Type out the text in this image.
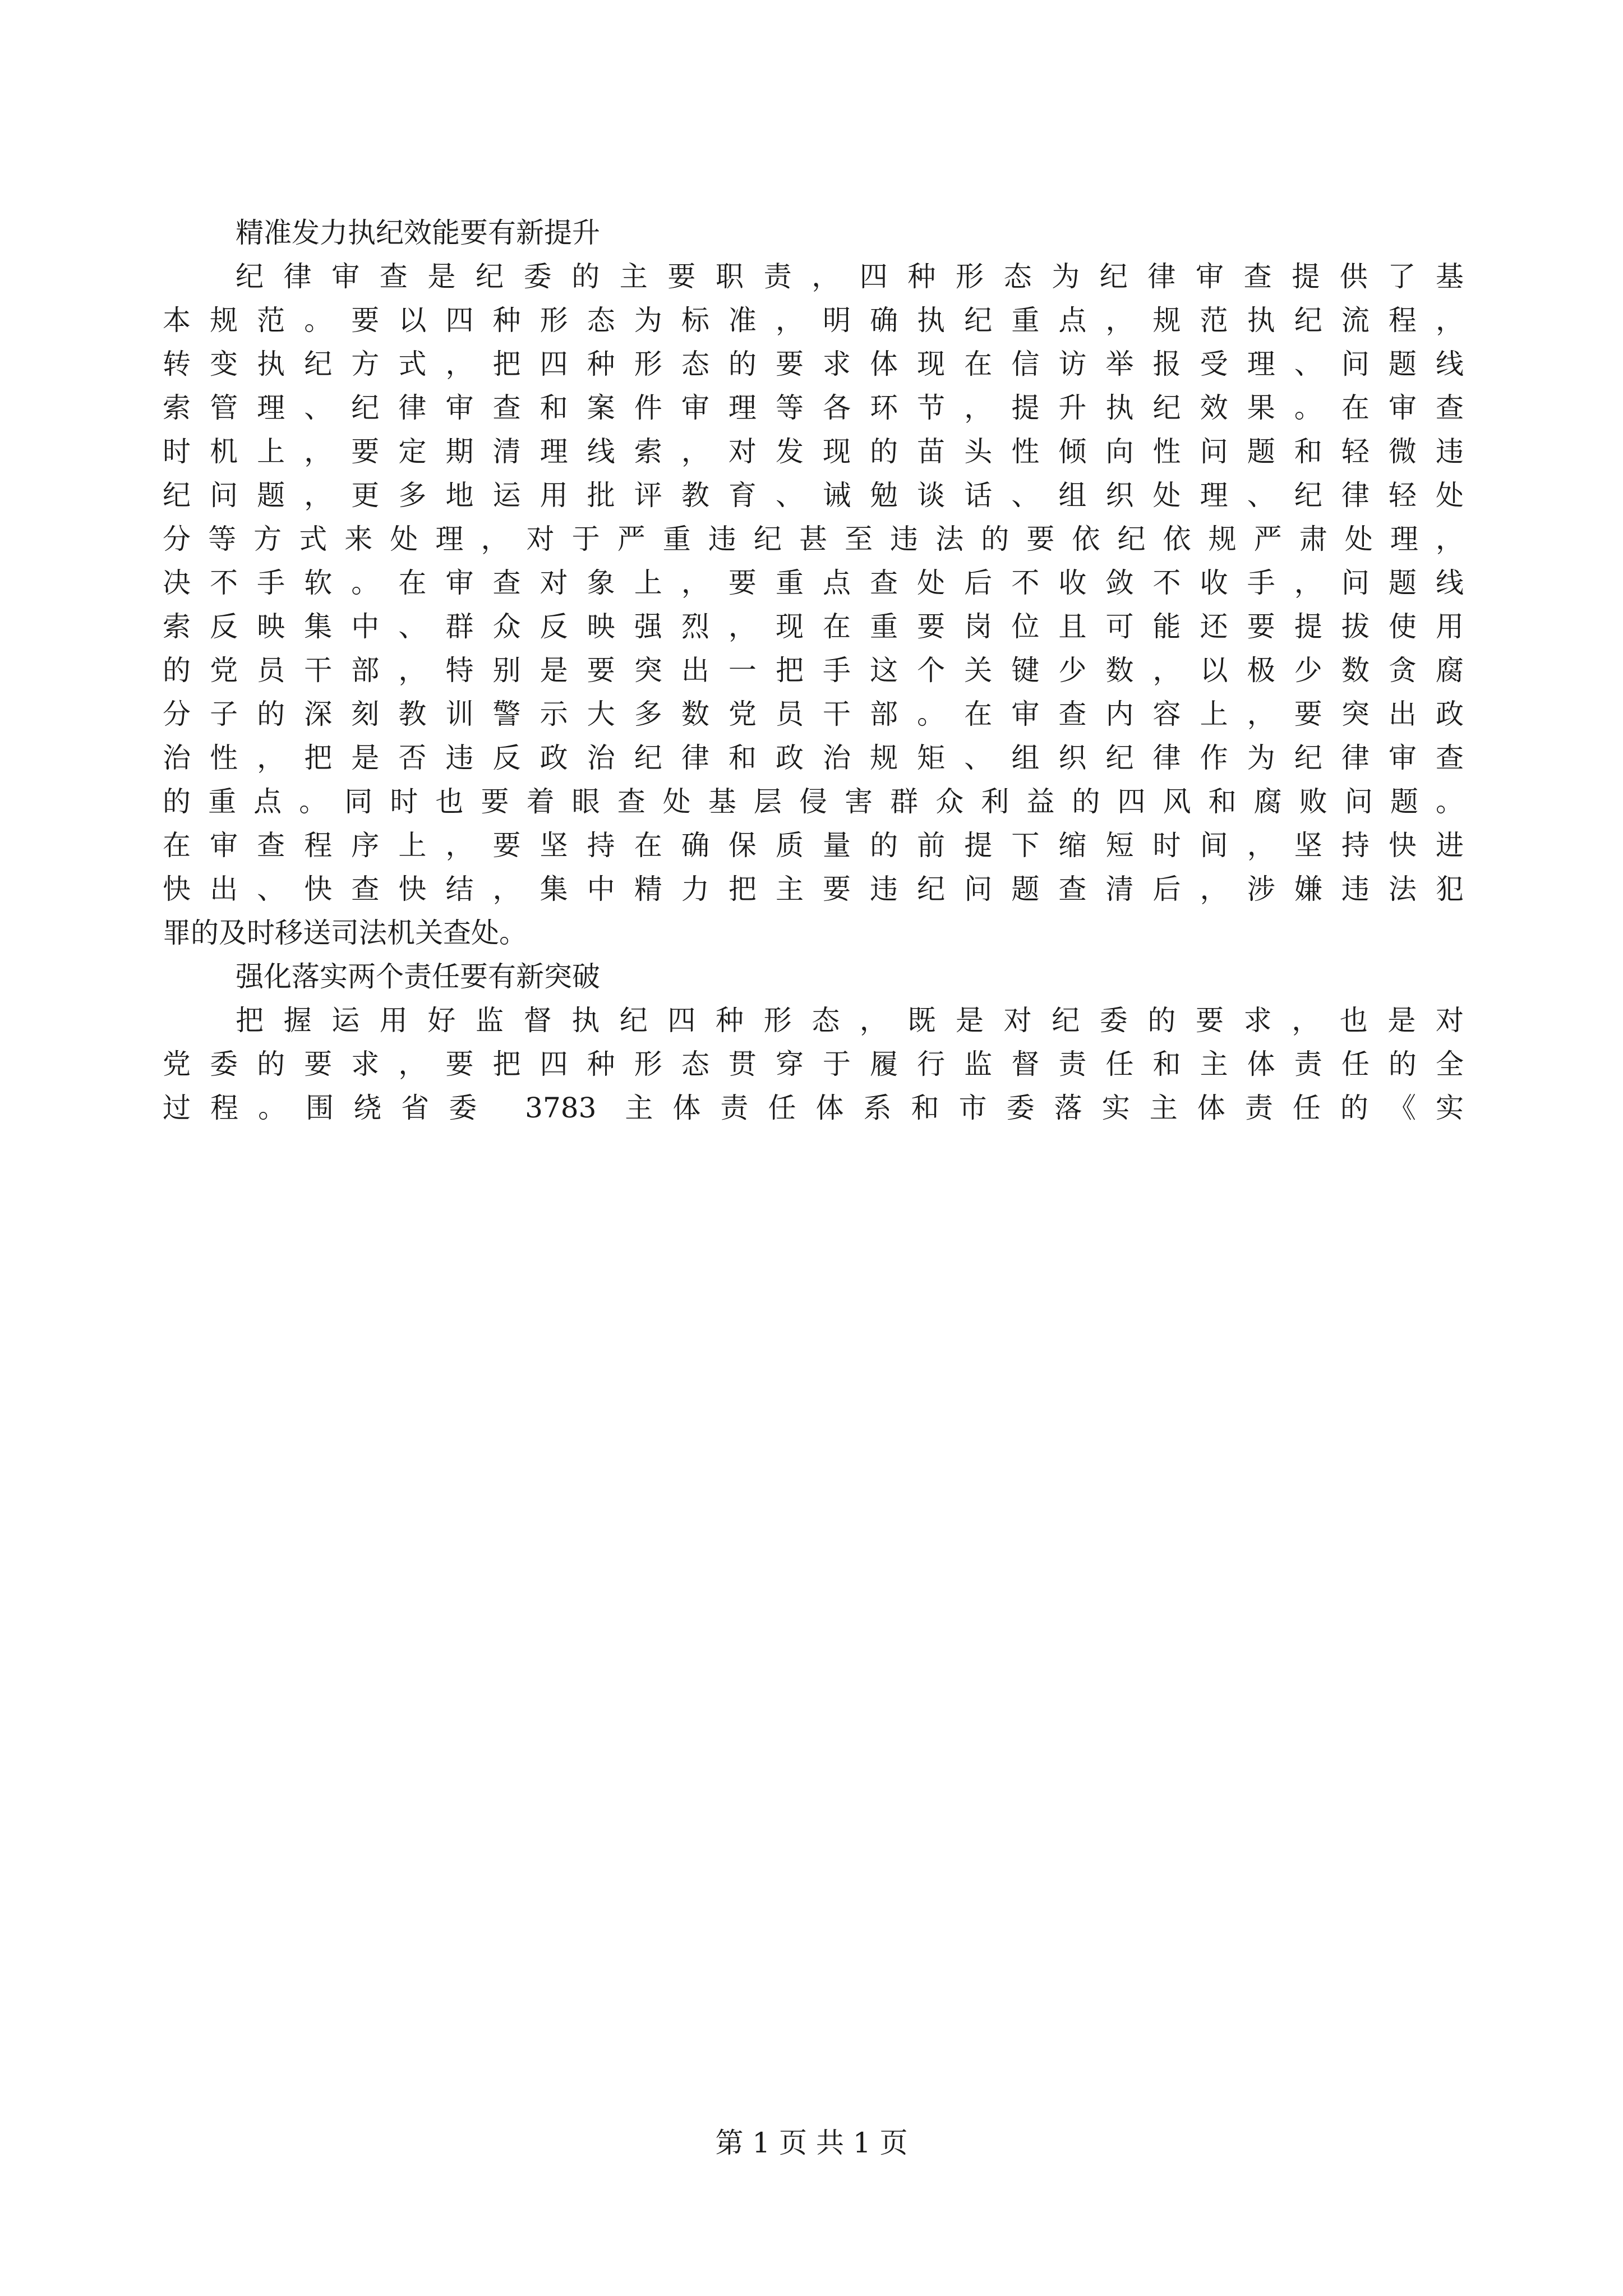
精准发力执纪效能要有新提升
纪律审查是纪委的主要职责，四种形态为纪律审查提供了基
本规范。要以四种形态为标准，明确执纪重点，规范执纪流程，
转变执纪方式，把四种形态的要求体现在信访举报受理、问题线
索管理、纪律审查和案件审理等各环节，提升执纪效果。在审查
时机上，要定期清理线索，对发现的苗头性倾向性问题和轻微违
纪问题，更多地运用批评教育、诫勉谈话、组织处理、纪律轻处
分等方式来处理，对于严重违纪甚至违法的要依纪依规严肃处理，
决不手软。在审查对象上，要重点查处后不收敛不收手，问题线
索反映集中、群众反映强烈，现在重要岗位且可能还要提拔使用
的党员干部，特别是要突出一把手这个关键少数，以极少数贪腐
分子的深刻教训警示大多数党员干部。在审查内容上，要突出政
治性，把是否违反政治纪律和政治规矩、组织纪律作为纪律审查
的重点。同时也要着眼查处基层侵害群众利益的四风和腐败问题。
在审查程序上，要坚持在确保质量的前提下缩短时间，坚持快进
快出、快查快结，集中精力把主要违纪问题查清后，涉嫌违法犯
罪的及时移送司法机关查处。
强化落实两个责任要有新突破
把握运用好监督执纪四种形态，既是对纪委的要求，也是对
党委的要求，要把四种形态贯穿于履行监督责任和主体责任的全
第 1 页 共 1 页
过程。围绕省委 3783 主体责任体系和市委落实主体责任的《实
